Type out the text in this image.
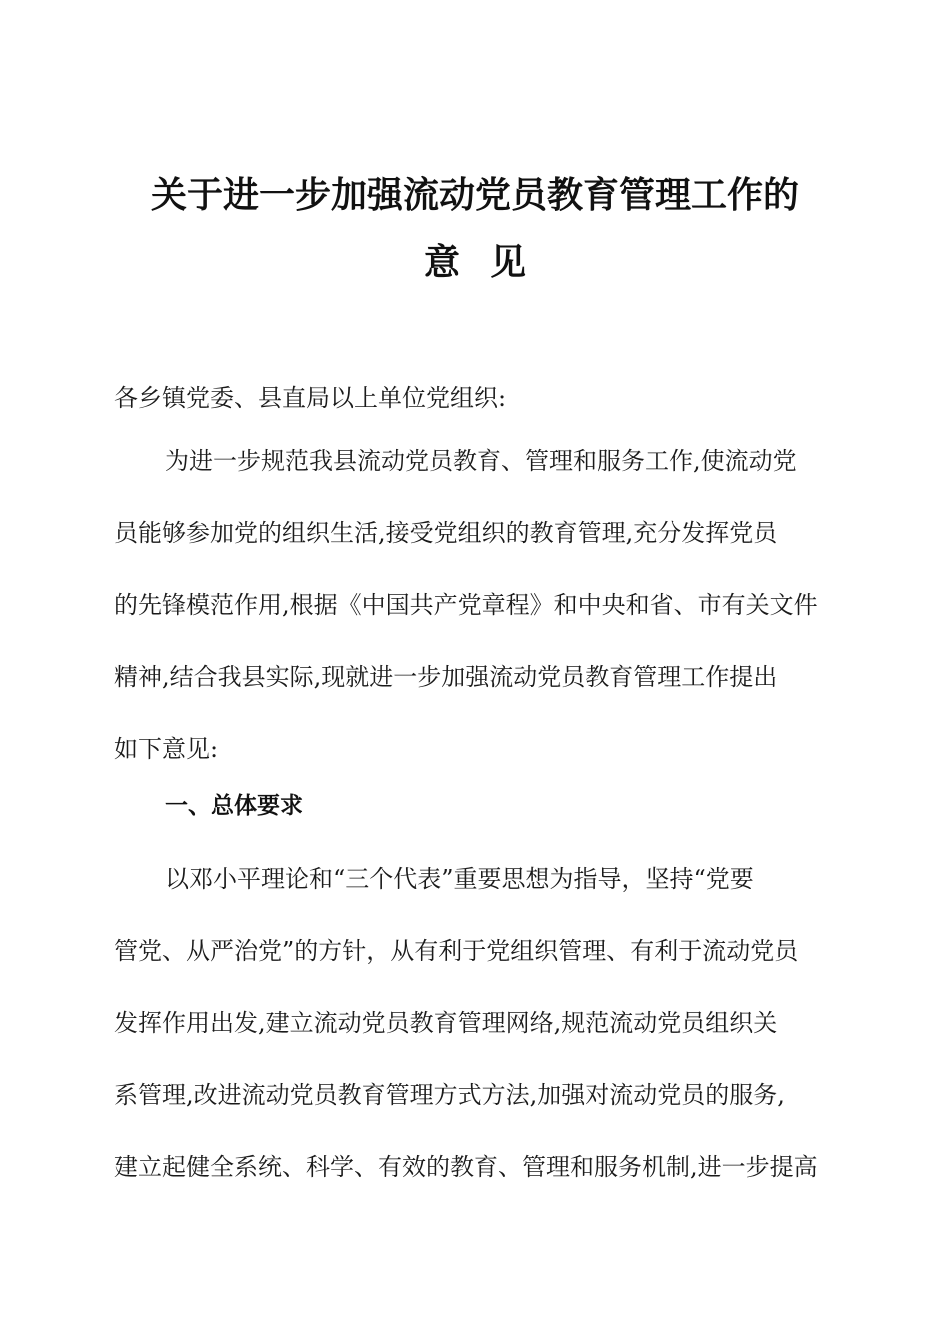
关于进一步加强流动党员教育管理工作的
意见
各乡镇党委、县直局以上单位党组织:
为进一步规范我县流动党员教育、管理和服务工作,使流动党
员能够参加党的组织生活,接受党组织的教育管理,充分发挥党员
的先锋模范作用,根据《中国共产党章程》和中央和省、市有关文件
精神,结合我县实际,现就进一步加强流动党员教育管理工作提出
如下意见:
一、总体要求
以邓小平理论和“三个代表”重要思想为指导，坚持“党要
管党、从严治党”的方针，从有利于党组织管理、有利于流动党员
发挥作用出发,建立流动党员教育管理网络,规范流动党员组织关
系管理,改进流动党员教育管理方式方法,加强对流动党员的服务,
建立起健全系统、科学、有效的教育、管理和服务机制,进一步提高
